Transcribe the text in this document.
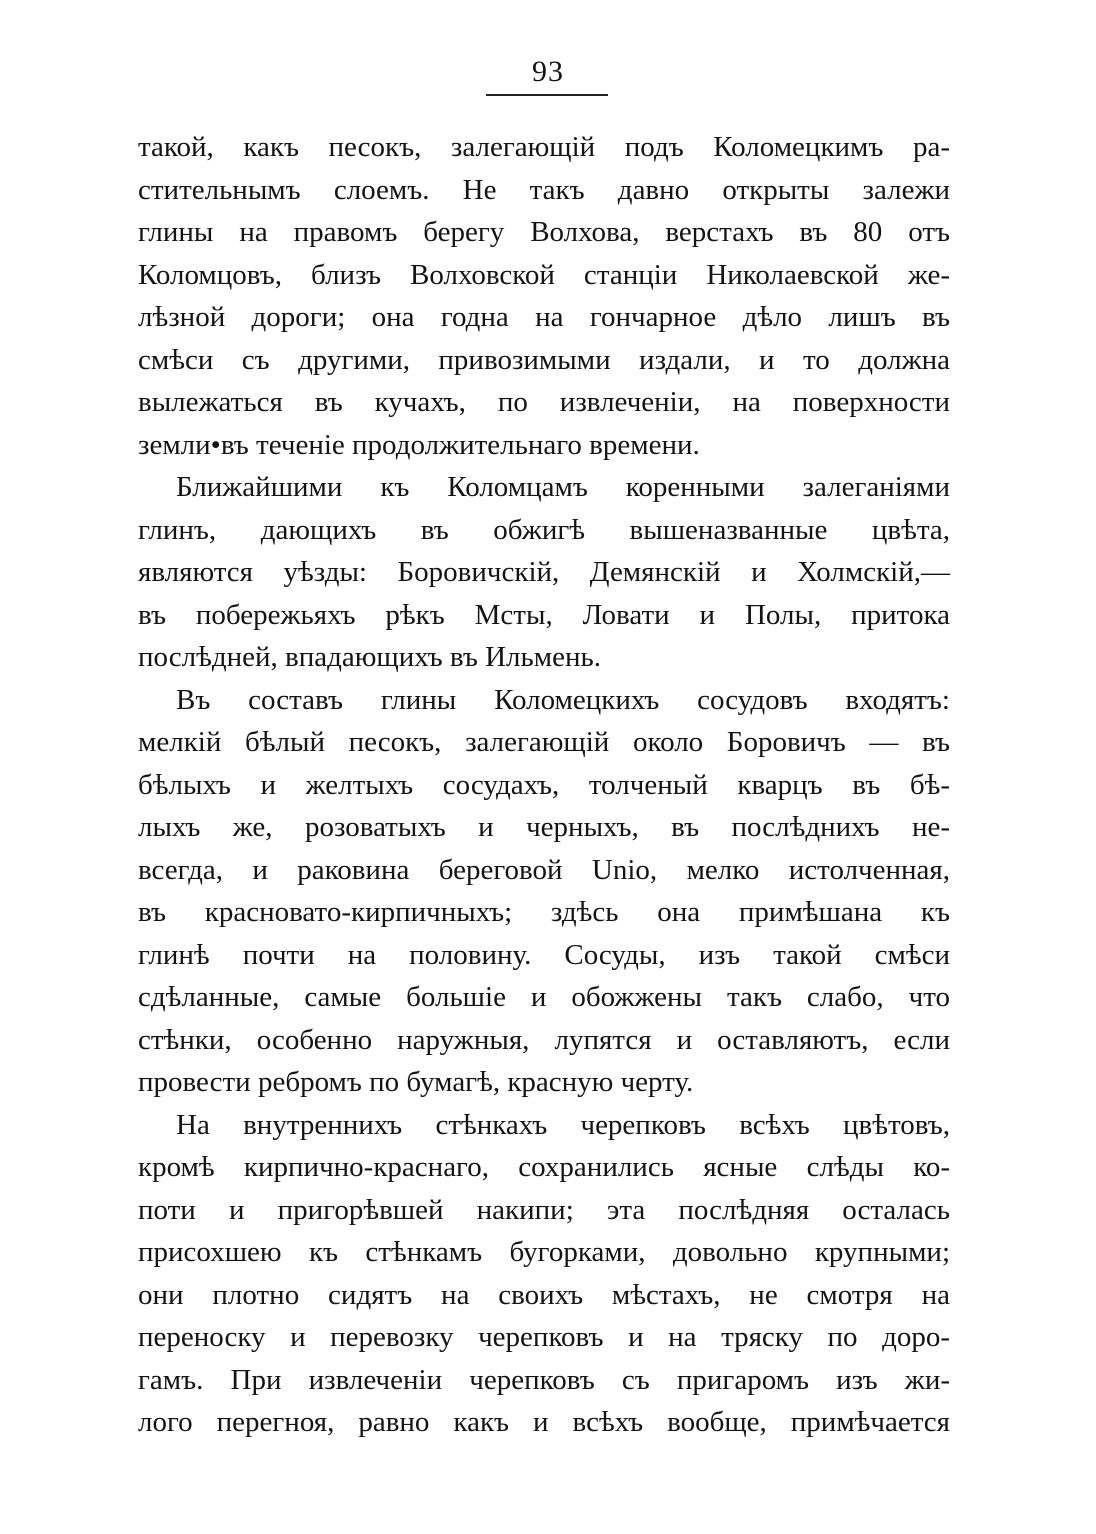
93
такой, какъ песокъ, залегающій подъ Коломецкимъ ра-
стительнымъ слоемъ. Не такъ давно открыты залежи
глины на правомъ берегу Волхова, верстахъ въ 80 отъ
Коломцовъ, близъ Волховской станціи Николаевской же-
лѣзной дороги; она годна на гончарное дѣло лишъ въ
смѣси съ другими, привозимыми издали, и то должна
вылежаться въ кучахъ, по извлеченіи, на поверхности
земли•въ теченіе продолжительнаго времени.
Ближайшими къ Коломцамъ коренными залеганіями
глинъ, дающихъ въ обжигѣ вышеназванные цвѣта,
являются уѣзды: Боровичскій, Демянскій и Холмскій,—
въ побережьяхъ рѣкъ Мсты, Ловати и Полы, притока
послѣдней, впадающихъ въ Ильмень.
Въ составъ глины Коломецкихъ сосудовъ входятъ:
мелкій бѣлый песокъ, залегающій около Боровичъ — въ
бѣлыхъ и желтыхъ сосудахъ, толченый кварцъ въ бѣ-
лыхъ же, розоватыхъ и черныхъ, въ послѣднихъ не-
всегда, и раковина береговой Unio, мелко истолченная,
въ красновато-кирпичныхъ; здѣсь она примѣшана къ
глинѣ почти на половину. Сосуды, изъ такой смѣси
сдѣланные, самые большіе и обожжены такъ слабо, что
стѣнки, особенно наружныя, лупятся и оставляютъ, если
провести ребромъ по бумагѣ, красную черту.
На внутреннихъ стѣнкахъ черепковъ всѣхъ цвѣтовъ,
кромѣ кирпично-краснаго, сохранились ясные слѣды ко-
поти и пригорѣвшей накипи; эта послѣдняя осталась
присохшею къ стѣнкамъ бугорками, довольно крупными;
они плотно сидятъ на своихъ мѣстахъ, не смотря на
переноску и перевозку черепковъ и на тряску по доро-
гамъ. При извлеченіи черепковъ съ пригаромъ изъ жи-
лого перегноя, равно какъ и всѣхъ вообще, примѣчается
